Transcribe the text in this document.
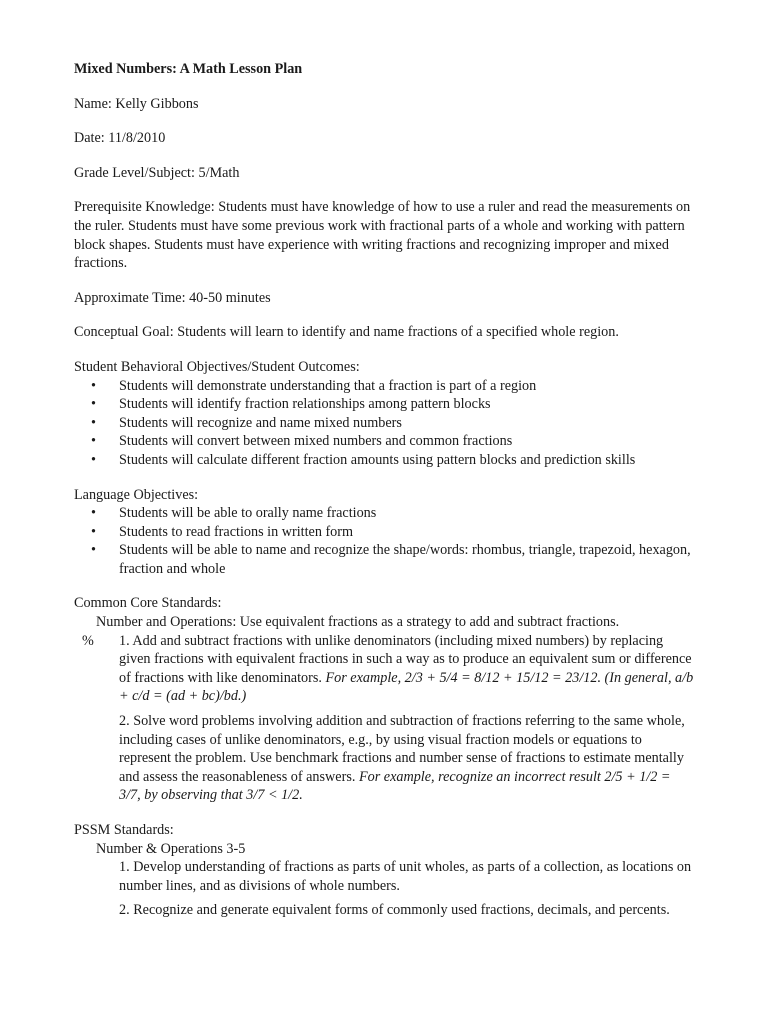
Mixed Numbers: A Math Lesson Plan

Name: Kelly Gibbons

Date: 11/8/2010

Grade Level/Subject: 5/Math

Prerequisite Knowledge: Students must have knowledge of how to use a ruler and read the measurements on the ruler. Students must have some previous work with fractional parts of a whole and working with pattern block shapes. Students must have experience with writing fractions and recognizing improper and mixed fractions.

Approximate Time: 40-50 minutes

Conceptual Goal: Students will learn to identify and name fractions of a specified whole region.

Student Behavioral Objectives/Student Outcomes:

• Students will demonstrate understanding that a fraction is part of a region
• Students will identify fraction relationships among pattern blocks
• Students will recognize and name mixed numbers
• Students will convert between mixed numbers and common fractions
• Students will calculate different fraction amounts using pattern blocks and prediction skills

Language Objectives:

• Students will be able to orally name fractions
• Students to read fractions in written form
• Students will be able to name and recognize the shape/words: rhombus, triangle, trapezoid, hexagon, fraction and whole

Common Core Standards:

Number and Operations: Use equivalent fractions as a strategy to add and subtract fractions.

% 1. Add and subtract fractions with unlike denominators (including mixed numbers) by replacing given fractions with equivalent fractions in such a way as to produce an equivalent sum or difference of fractions with like denominators. For example, 2/3 + 5/4 = 8/12 + 15/12 = 23/12. (In general, a/b + c/d = (ad + bc)/bd.)
2. Solve word problems involving addition and subtraction of fractions referring to the same whole, including cases of unlike denominators, e.g., by using visual fraction models or equations to represent the problem. Use benchmark fractions and number sense of fractions to estimate mentally and assess the reasonableness of answers. For example, recognize an incorrect result 2/5 + 1/2 = 3/7, by observing that 3/7 < 1/2.

PSSM Standards:

Number & Operations 3-5

1. Develop understanding of fractions as parts of unit wholes, as parts of a collection, as locations on number lines, and as divisions of whole numbers.
2. Recognize and generate equivalent forms of commonly used fractions, decimals, and percents.
